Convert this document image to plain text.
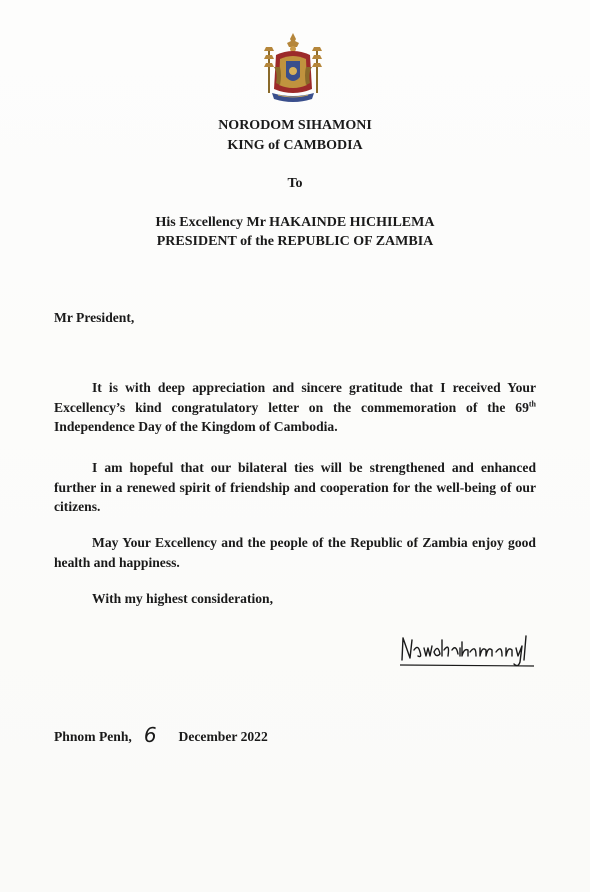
NORODOM SIHAMONI
KING of CAMBODIA
To
His Excellency Mr HAKAINDE HICHILEMA
PRESIDENT of the REPUBLIC OF ZAMBIA
Mr President,
It is with deep appreciation and sincere gratitude that I received Your Excellency’s kind congratulatory letter on the commemoration of the 69th Independence Day of the Kingdom of Cambodia.
I am hopeful that our bilateral ties will be strengthened and enhanced further in a renewed spirit of friendship and cooperation for the well-being of our citizens.
May Your Excellency and the people of the Republic of Zambia enjoy good health and happiness.
With my highest consideration,
Phnom Penh, 6 December 2022
